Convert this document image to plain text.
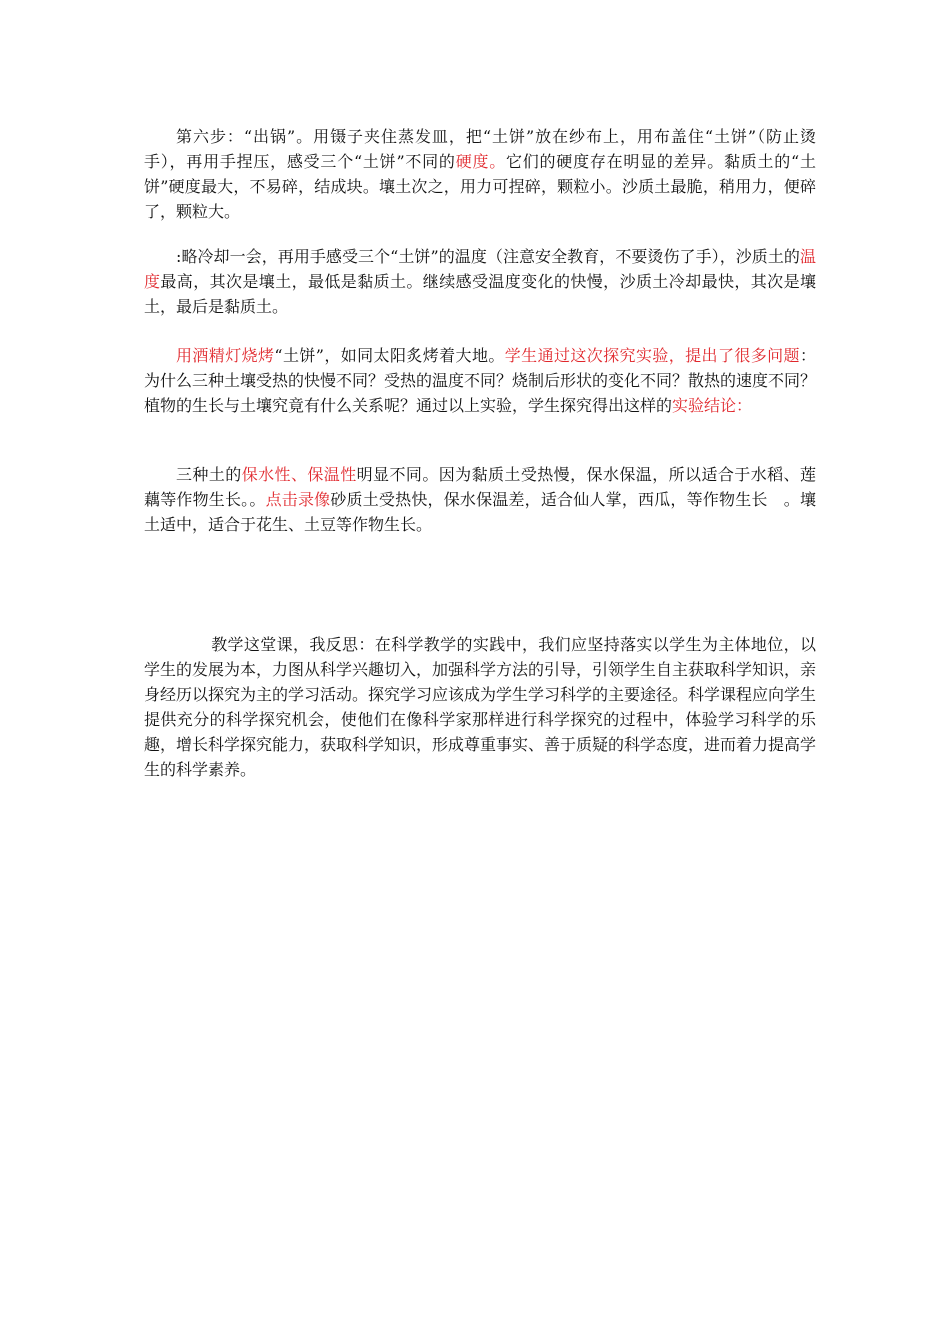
第六步：“出锅”。用镊子夹住蒸发皿，把“土饼”放在纱布上，用布盖住“土饼”（防止烫手），再用手捏压，感受三个“土饼”不同的硬度。它们的硬度存在明显的差异。黏质土的“土饼”硬度最大，不易碎，结成块。壤土次之，用力可捏碎，颗粒小。沙质土最脆，稍用力，便碎了，颗粒大。

:略冷却一会，再用手感受三个“土饼”的温度（注意安全教育，不要烫伤了手），沙质土的温度最高，其次是壤土，最低是黏质土。继续感受温度变化的快慢，沙质土冷却最快，其次是壤土，最后是黏质土。

用酒精灯烧烤“土饼”，如同太阳炙烤着大地。学生通过这次探究实验，提出了很多问题：为什么三种土壤受热的快慢不同？受热的温度不同？烧制后形状的变化不同？散热的速度不同？植物的生长与土壤究竟有什么关系呢？通过以上实验，学生探究得出这样的实验结论：

三种土的保水性、保温性明显不同。因为黏质土受热慢，保水保温，所以适合于水稻、莲藕等作物生长。。点击录像砂质土受热快，保水保温差，适合仙人掌，西瓜，等作物生长　。壤土适中，适合于花生、土豆等作物生长。

教学这堂课，我反思：在科学教学的实践中，我们应坚持落实以学生为主体地位，以学生的发展为本，力图从科学兴趣切入，加强科学方法的引导，引领学生自主获取科学知识，亲身经历以探究为主的学习活动。探究学习应该成为学生学习科学的主要途径。科学课程应向学生提供充分的科学探究机会，使他们在像科学家那样进行科学探究的过程中，体验学习科学的乐趣，增长科学探究能力，获取科学知识，形成尊重事实、善于质疑的科学态度，进而着力提高学生的科学素养。
